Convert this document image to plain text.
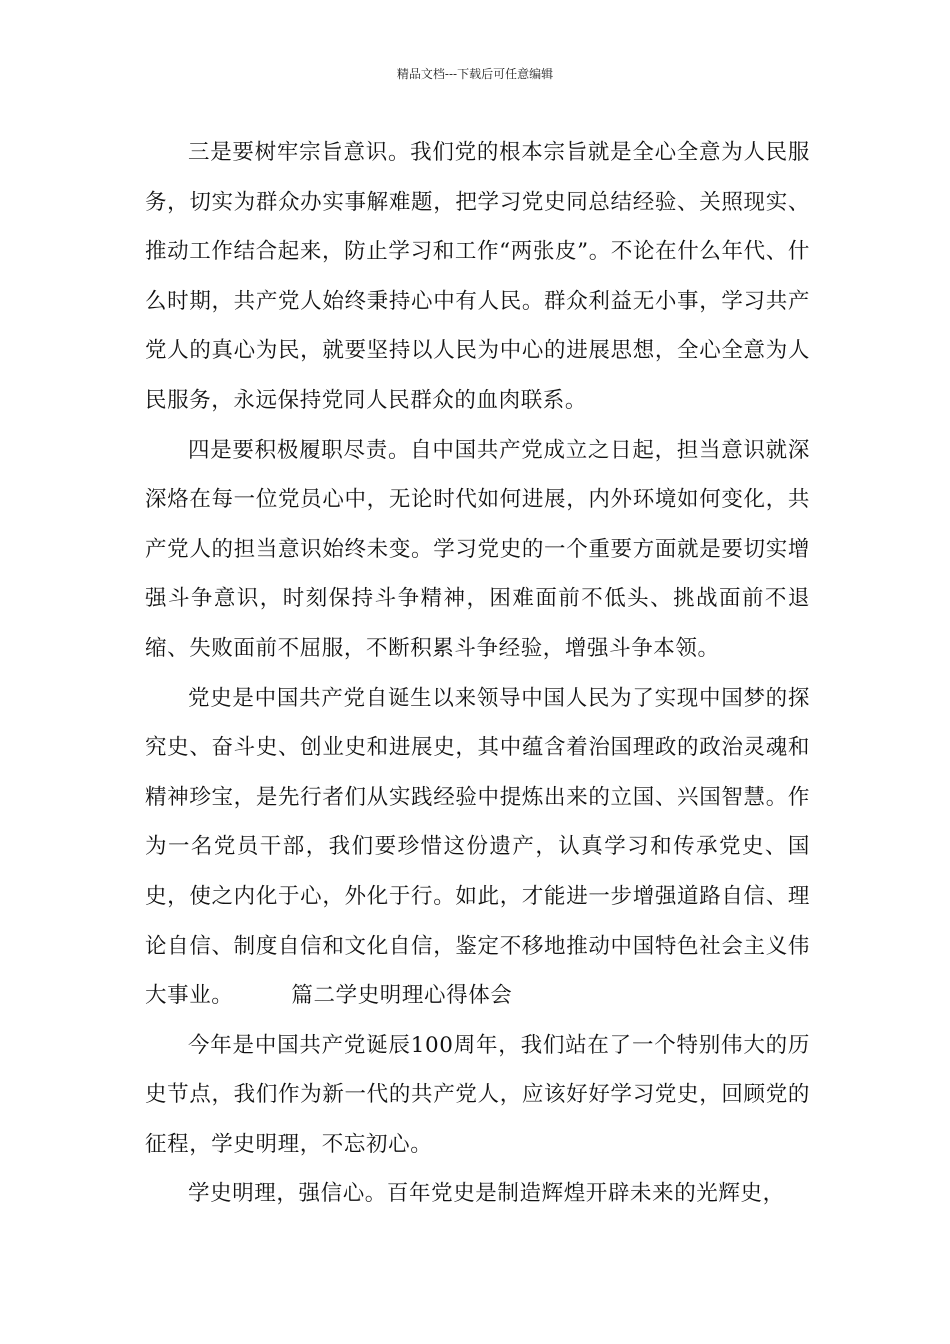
精品文档---下载后可任意编辑

三是要树牢宗旨意识。我们党的根本宗旨就是全心全意为人民服务，切实为群众办实事解难题，把学习党史同总结经验、关照现实、推动工作结合起来，防止学习和工作“两张皮”。不论在什么年代、什么时期，共产党人始终秉持心中有人民。群众利益无小事，学习共产党人的真心为民，就要坚持以人民为中心的进展思想，全心全意为人民服务，永远保持党同人民群众的血肉联系。

四是要积极履职尽责。自中国共产党成立之日起，担当意识就深深烙在每一位党员心中，无论时代如何进展，内外环境如何变化，共产党人的担当意识始终未变。学习党史的一个重要方面就是要切实增强斗争意识，时刻保持斗争精神，困难面前不低头、挑战面前不退缩、失败面前不屈服，不断积累斗争经验，增强斗争本领。

党史是中国共产党自诞生以来领导中国人民为了实现中国梦的探究史、奋斗史、创业史和进展史，其中蕴含着治国理政的政治灵魂和精神珍宝，是先行者们从实践经验中提炼出来的立国、兴国智慧。作为一名党员干部，我们要珍惜这份遗产，认真学习和传承党史、国史，使之内化于心，外化于行。如此，才能进一步增强道路自信、理论自信、制度自信和文化自信，鉴定不移地推动中国特色社会主义伟大事业。	篇二学史明理心得体会

今年是中国共产党诞辰100周年，我们站在了一个特别伟大的历史节点，我们作为新一代的共产党人，应该好好学习党史，回顾党的征程，学史明理，不忘初心。

学史明理，强信心。百年党史是制造辉煌开辟未来的光辉史，
